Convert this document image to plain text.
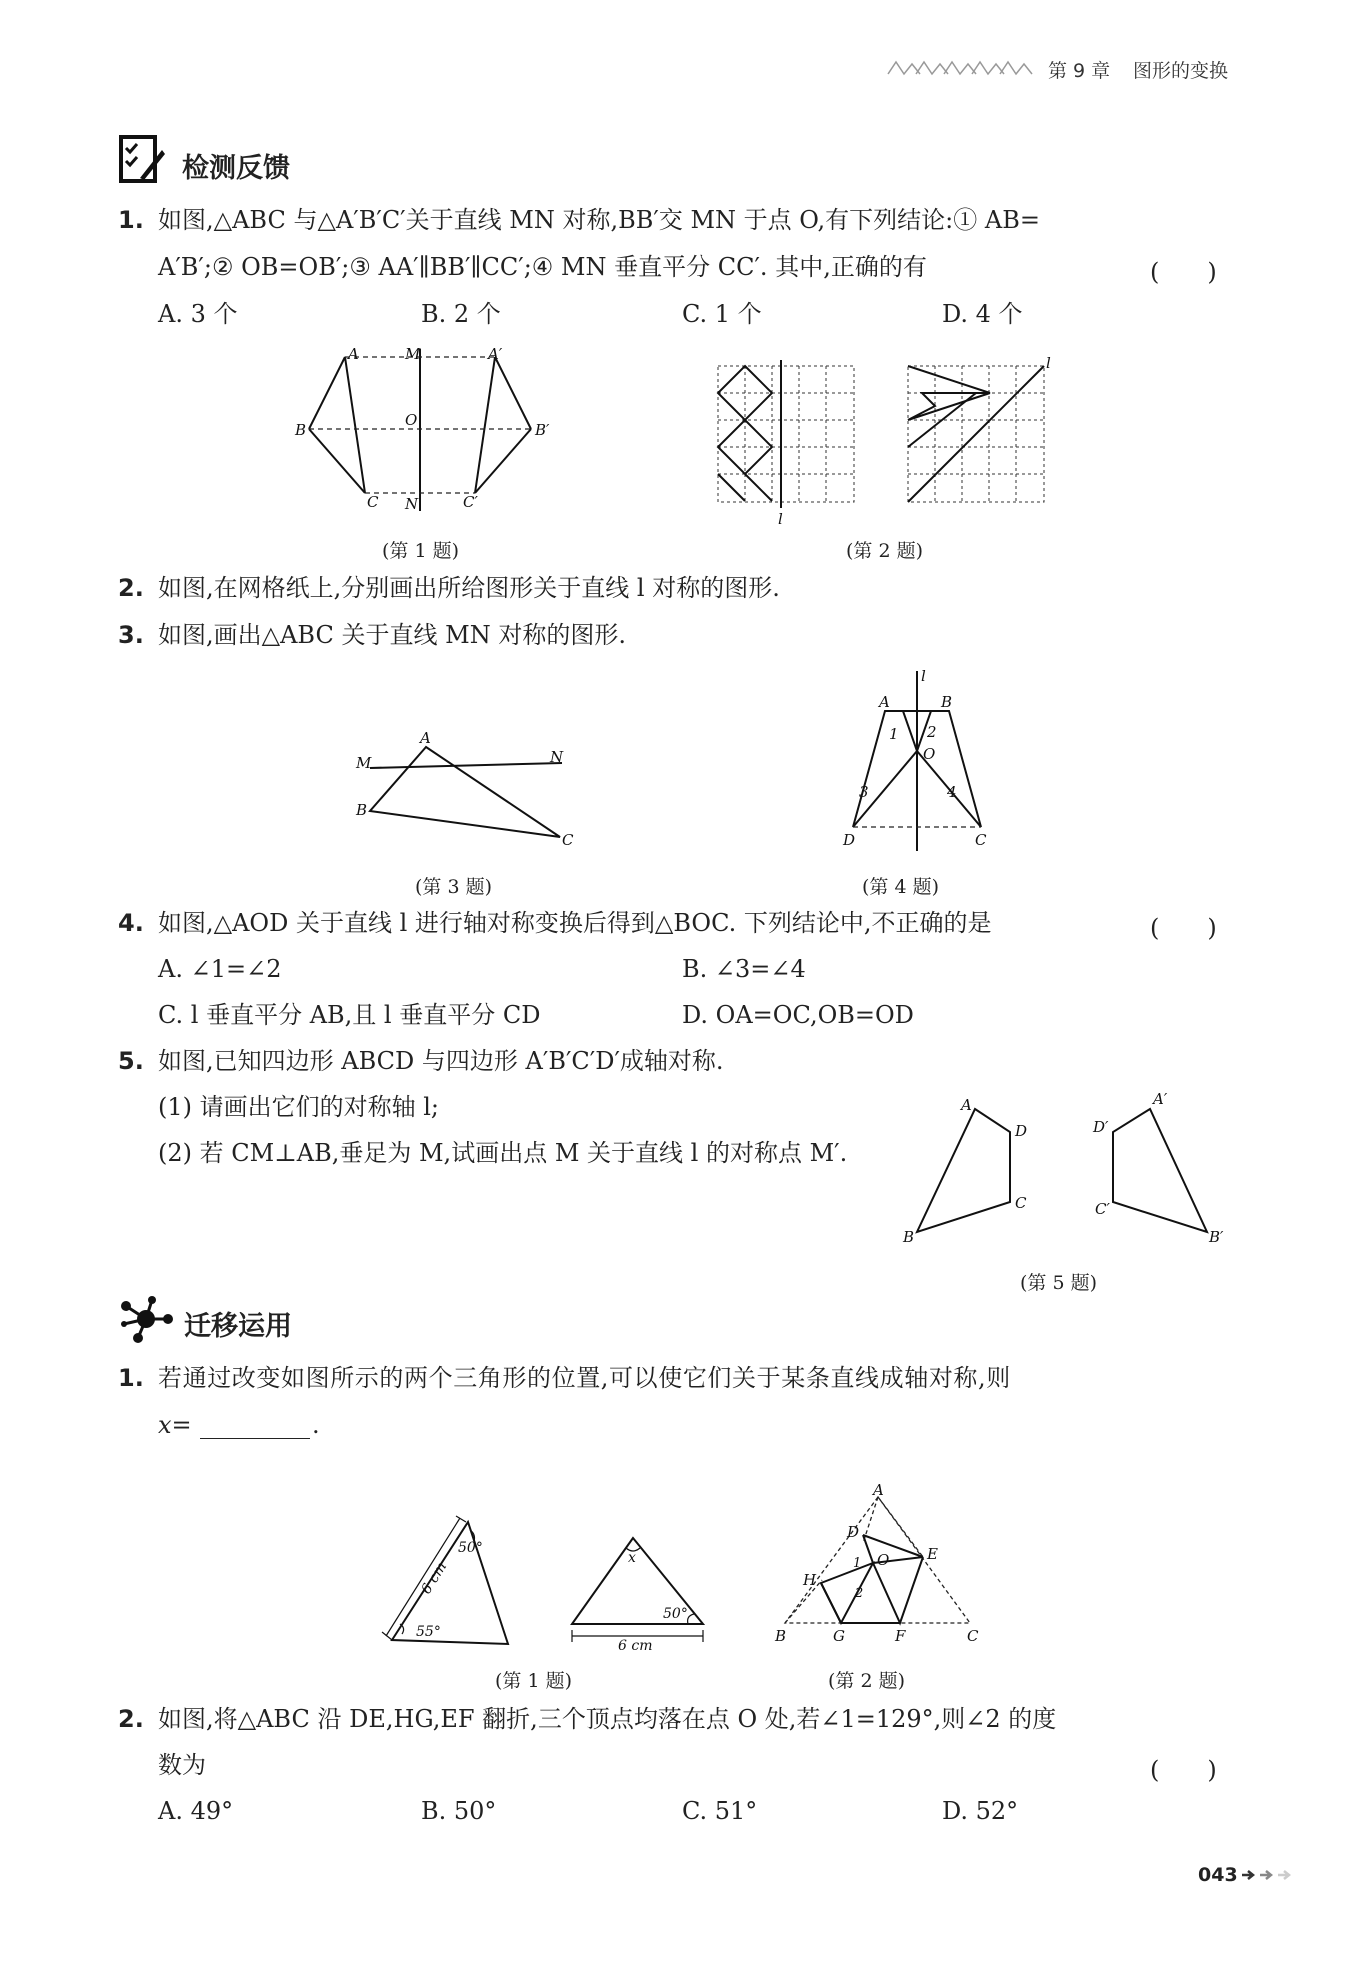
第 9 章 图形的变换
检测反馈
1. 如图,△ABC 与△A′B′C′关于直线 MN 对称,BB′交 MN 于点 O,有下列结论:① AB=
A′B′;② OB=OB′;③ AA′∥BB′∥CC′;④ MN 垂直平分 CC′. 其中,正确的有	(　　)
A. 3 个	B. 2 个	C. 1 个	D. 4 个
A	M	A′
B
O
B′
C N	C′
(第 1 题)
l
l
(第 2 题)
2. 如图,在网格纸上,分别画出所给图形关于直线 l 对称的图形.
3. 如图,画出△ABC 关于直线 MN 对称的图形.
A
M	N
B
C
(第 3 题)
l
A	B
1 2
O
3	4
D	C
(第 4 题)
4. 如图,△AOD 关于直线 l 进行轴对称变换后得到△BOC. 下列结论中,不正确的是	(　　)
A. ∠1=∠2	B. ∠3=∠4
C. l 垂直平分 AB,且 l 垂直平分 CD	D. OA=OC,OB=OD
5. 如图,已知四边形 ABCD 与四边形 A′B′C′D′成轴对称.
(1) 请画出它们的对称轴 l;
(2) 若 CM⊥AB,垂足为 M,试画出点 M 关于直线 l 的对称点 M′.
A
D
C
B
A′
D′
C′
B′
(第 5 题)
迁移运用
1. 若通过改变如图所示的两个三角形的位置,可以使它们关于某条直线成轴对称,则
x=	.
50°
6 cm
55°
x
50°
6 cm
(第 1 题)
A
D
E
H
1 O
2
B	G	F	C
(第 2 题)
2. 如图,将△ABC 沿 DE,HG,EF 翻折,三个顶点均落在点 O 处,若∠1=129°,则∠2 的度
数为	(　　)
A. 49°	B. 50°	C. 51°	D. 52°
043
